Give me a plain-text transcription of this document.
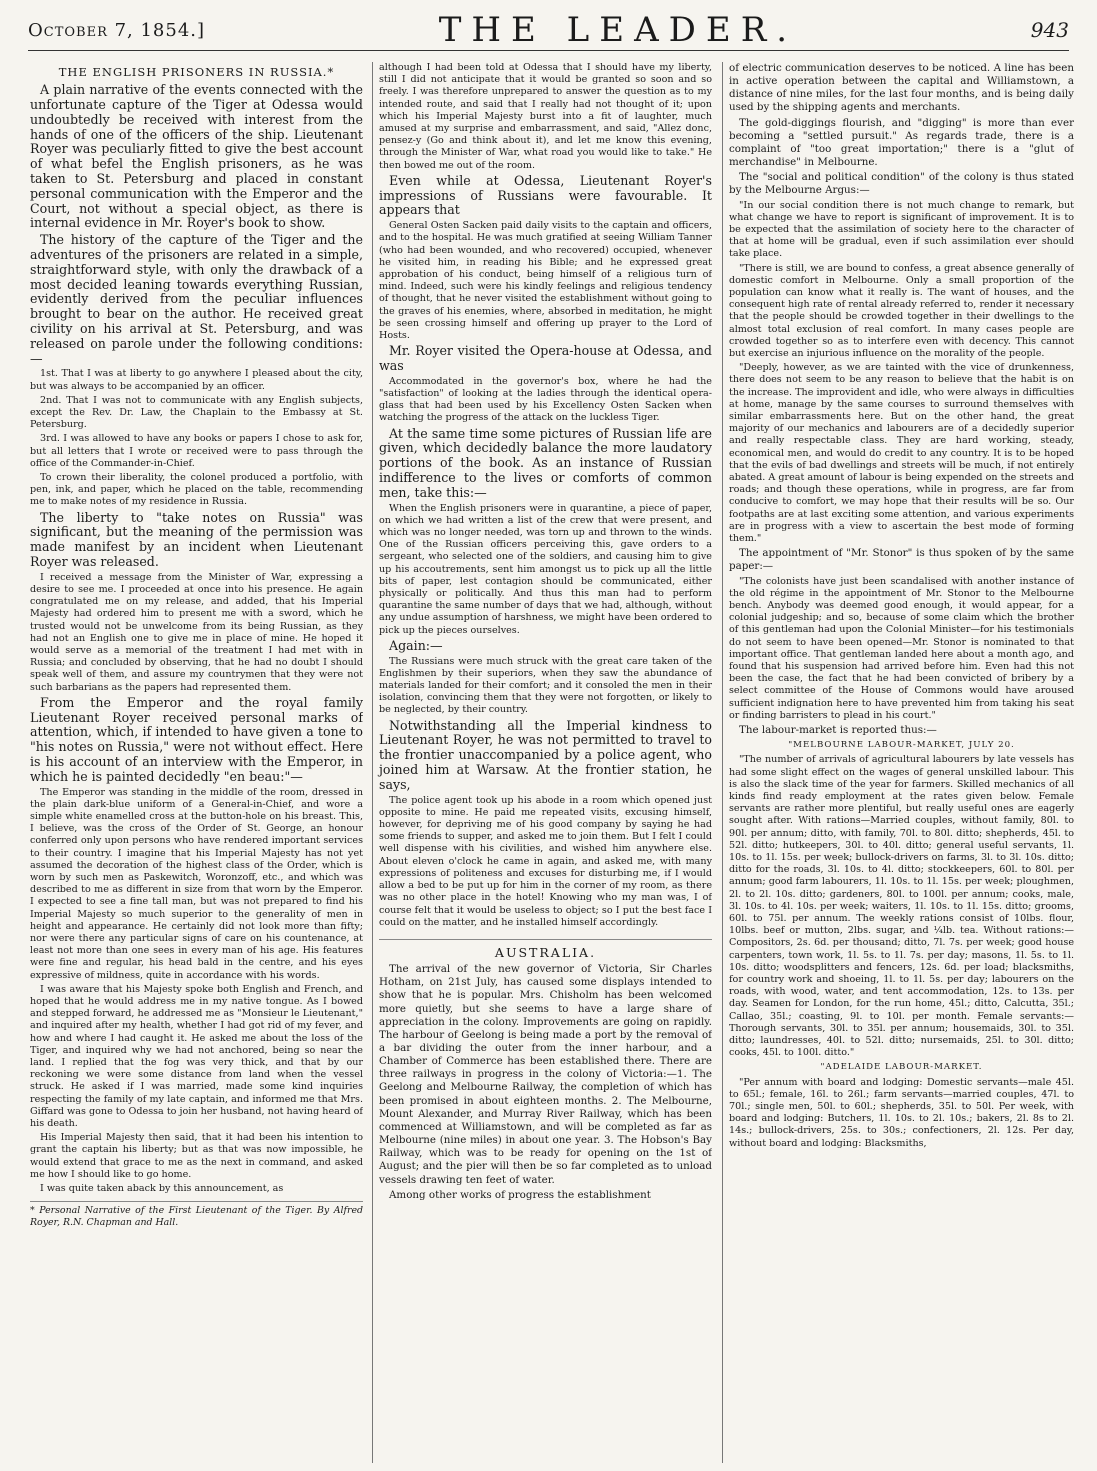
October 7, 1854.]	THE LEADER.	943
THE ENGLISH PRISONERS IN RUSSIA.*

A plain narrative of the events connected with the unfortunate capture of the Tiger at Odessa would undoubtedly be received with interest from the hands of one of the officers of the ship. Lieutenant Royer was peculiarly fitted to give the best account of what befel the English prisoners, as he was taken to St. Petersburg and placed in constant personal communication with the Emperor and the Court, not without a special object, as there is internal evidence in Mr. Royer's book to show.

The history of the capture of the Tiger and the adventures of the prisoners are related in a simple, straightforward style, with only the drawback of a most decided leaning towards everything Russian, evidently derived from the peculiar influences brought to bear on the author. He received great civility on his arrival at St. Petersburg, and was released on parole under the following conditions:—

1st. That I was at liberty to go anywhere I pleased about the city, but was always to be accompanied by an officer.

2nd. That I was not to communicate with any English subjects, except the Rev. Dr. Law, the Chaplain to the Embassy at St. Petersburg.

3rd. I was allowed to have any books or papers I chose to ask for, but all letters that I wrote or received were to pass through the office of the Commander-in-Chief.

To crown their liberality, the colonel produced a portfolio, with pen, ink, and paper, which he placed on the table, recommending me to make notes of my residence in Russia.

The liberty to "take notes on Russia" was significant, but the meaning of the permission was made manifest by an incident when Lieutenant Royer was released.

I received a message from the Minister of War, expressing a desire to see me. I proceeded at once into his presence. He again congratulated me on my release, and added, that his Imperial Majesty had ordered him to present me with a sword, which he trusted would not be unwelcome from its being Russian, as they had not an English one to give me in place of mine. He hoped it would serve as a memorial of the treatment I had met with in Russia; and concluded by observing, that he had no doubt I should speak well of them, and assure my countrymen that they were not such barbarians as the papers had represented them.

From the Emperor and the royal family Lieutenant Royer received personal marks of attention, which, if intended to have given a tone to "his notes on Russia," were not without effect. Here is his account of an interview with the Emperor, in which he is painted decidedly "en beau:"—

The Emperor was standing in the middle of the room, dressed in the plain dark-blue uniform of a General-in-Chief, and wore a simple white enamelled cross at the button-hole on his breast. This, I believe, was the cross of the Order of St. George, an honour conferred only upon persons who have rendered important services to their country. I imagine that his Imperial Majesty has not yet assumed the decoration of the highest class of the Order, which is worn by such men as Paskewitch, Woronzoff, etc., and which was described to me as different in size from that worn by the Emperor. I expected to see a fine tall man, but was not prepared to find his Imperial Majesty so much superior to the generality of men in height and appearance. He certainly did not look more than fifty; nor were there any particular signs of care on his countenance, at least not more than one sees in every man of his age. His features were fine and regular, his head bald in the centre, and his eyes expressive of mildness, quite in accordance with his words.

I was aware that his Majesty spoke both English and French, and hoped that he would address me in my native tongue. As I bowed and stepped forward, he addressed me as "Monsieur le Lieutenant," and inquired after my health, whether I had got rid of my fever, and how and where I had caught it. He asked me about the loss of the Tiger, and inquired why we had not anchored, being so near the land. I replied that the fog was very thick, and that by our reckoning we were some distance from land when the vessel struck. He asked if I was married, made some kind inquiries respecting the family of my late captain, and informed me that Mrs. Giffard was gone to Odessa to join her husband, not having heard of his death.

His Imperial Majesty then said, that it had been his intention to grant the captain his liberty; but as that was now impossible, he would extend that grace to me as the next in command, and asked me how I should like to go home.

I was quite taken aback by this announcement, as

* Personal Narrative of the First Lieutenant of the Tiger. By Alfred Royer, R.N. Chapman and Hall.

although I had been told at Odessa that I should have my liberty, still I did not anticipate that it would be granted so soon and so freely. I was therefore unprepared to answer the question as to my intended route, and said that I really had not thought of it; upon which his Imperial Majesty burst into a fit of laughter, much amused at my surprise and embarrassment, and said, "Allez donc, pensez-y (Go and think about it), and let me know this evening, through the Minister of War, what road you would like to take." He then bowed me out of the room.

Even while at Odessa, Lieutenant Royer's impressions of Russians were favourable. It appears that

General Osten Sacken paid daily visits to the captain and officers, and to the hospital. He was much gratified at seeing William Tanner (who had been wounded, and who recovered) occupied, whenever he visited him, in reading his Bible; and he expressed great approbation of his conduct, being himself of a religious turn of mind. Indeed, such were his kindly feelings and religious tendency of thought, that he never visited the establishment without going to the graves of his enemies, where, absorbed in meditation, he might be seen crossing himself and offering up prayer to the Lord of Hosts.

Mr. Royer visited the Opera-house at Odessa, and was

Accommodated in the governor's box, where he had the "satisfaction" of looking at the ladies through the identical opera-glass that had been used by his Excellency Osten Sacken when watching the progress of the attack on the luckless Tiger.

At the same time some pictures of Russian life are given, which decidedly balance the more laudatory portions of the book. As an instance of Russian indifference to the lives or comforts of common men, take this:—

When the English prisoners were in quarantine, a piece of paper, on which we had written a list of the crew that were present, and which was no longer needed, was torn up and thrown to the winds. One of the Russian officers perceiving this, gave orders to a sergeant, who selected one of the soldiers, and causing him to give up his accoutrements, sent him amongst us to pick up all the little bits of paper, lest contagion should be communicated, either physically or politically. And thus this man had to perform quarantine the same number of days that we had, although, without any undue assumption of harshness, we might have been ordered to pick up the pieces ourselves.

Again:—

The Russians were much struck with the great care taken of the Englishmen by their superiors, when they saw the abundance of materials landed for their comfort; and it consoled the men in their isolation, convincing them that they were not forgotten, or likely to be neglected, by their country.

Notwithstanding all the Imperial kindness to Lieutenant Royer, he was not permitted to travel to the frontier unaccompanied by a police agent, who joined him at Warsaw. At the frontier station, he says,

The police agent took up his abode in a room which opened just opposite to mine. He paid me repeated visits, excusing himself, however, for depriving me of his good company by saying he had some friends to supper, and asked me to join them. But I felt I could well dispense with his civilities, and wished him anywhere else. About eleven o'clock he came in again, and asked me, with many expressions of politeness and excuses for disturbing me, if I would allow a bed to be put up for him in the corner of my room, as there was no other place in the hotel! Knowing who my man was, I of course felt that it would be useless to object; so I put the best face I could on the matter, and he installed himself accordingly.

AUSTRALIA.

The arrival of the new governor of Victoria, Sir Charles Hotham, on 21st July, has caused some displays intended to show that he is popular. Mrs. Chisholm has been welcomed more quietly, but she seems to have a large share of appreciation in the colony. Improvements are going on rapidly. The harbour of Geelong is being made a port by the removal of a bar dividing the outer from the inner harbour, and a Chamber of Commerce has been established there. There are three railways in progress in the colony of Victoria:—1. The Geelong and Melbourne Railway, the completion of which has been promised in about eighteen months. 2. The Melbourne, Mount Alexander, and Murray River Railway, which has been commenced at Williamstown, and will be completed as far as Melbourne (nine miles) in about one year. 3. The Hobson's Bay Railway, which was to be ready for opening on the 1st of August; and the pier will then be so far completed as to unload vessels drawing ten feet of water.

Among other works of progress the establishment

of electric communication deserves to be noticed. A line has been in active operation between the capital and Williamstown, a distance of nine miles, for the last four months, and is being daily used by the shipping agents and merchants.

The gold-diggings flourish, and "digging" is more than ever becoming a "settled pursuit." As regards trade, there is a complaint of "too great importation;" there is a "glut of merchandise" in Melbourne.

The "social and political condition" of the colony is thus stated by the Melbourne Argus:—

"In our social condition there is not much change to remark, but what change we have to report is significant of improvement. It is to be expected that the assimilation of society here to the character of that at home will be gradual, even if such assimilation ever should take place.

"There is still, we are bound to confess, a great absence generally of domestic comfort in Melbourne. Only a small proportion of the population can know what it really is. The want of houses, and the consequent high rate of rental already referred to, render it necessary that the people should be crowded together in their dwellings to the almost total exclusion of real comfort. In many cases people are crowded together so as to interfere even with decency. This cannot but exercise an injurious influence on the morality of the people.

"Deeply, however, as we are tainted with the vice of drunkenness, there does not seem to be any reason to believe that the habit is on the increase. The improvident and idle, who were always in difficulties at home, manage by the same courses to surround themselves with similar embarrassments here. But on the other hand, the great majority of our mechanics and labourers are of a decidedly superior and really respectable class. They are hard working, steady, economical men, and would do credit to any country. It is to be hoped that the evils of bad dwellings and streets will be much, if not entirely abated. A great amount of labour is being expended on the streets and roads; and though these operations, while in progress, are far from conducive to comfort, we may hope that their results will be so. Our footpaths are at last exciting some attention, and various experiments are in progress with a view to ascertain the best mode of forming them."

The appointment of "Mr. Stonor" is thus spoken of by the same paper:—

"The colonists have just been scandalised with another instance of the old régime in the appointment of Mr. Stonor to the Melbourne bench. Anybody was deemed good enough, it would appear, for a colonial judgeship; and so, because of some claim which the brother of this gentleman had upon the Colonial Minister—for his testimonials do not seem to have been opened—Mr. Stonor is nominated to that important office. That gentleman landed here about a month ago, and found that his suspension had arrived before him. Even had this not been the case, the fact that he had been convicted of bribery by a select committee of the House of Commons would have aroused sufficient indignation here to have prevented him from taking his seat or finding barristers to plead in his court."

The labour-market is reported thus:—

"MELBOURNE LABOUR-MARKET, JULY 20.

"The number of arrivals of agricultural labourers by late vessels has had some slight effect on the wages of general unskilled labour. This is also the slack time of the year for farmers. Skilled mechanics of all kinds find ready employment at the rates given below. Female servants are rather more plentiful, but really useful ones are eagerly sought after. With rations—Married couples, without family, 80l. to 90l. per annum; ditto, with family, 70l. to 80l. ditto; shepherds, 45l. to 52l. ditto; hutkeepers, 30l. to 40l. ditto; general useful servants, 1l. 10s. to 1l. 15s. per week; bullock-drivers on farms, 3l. to 3l. 10s. ditto; ditto for the roads, 3l. 10s. to 4l. ditto; stockkeepers, 60l. to 80l. per annum; good farm labourers, 1l. 10s. to 1l. 15s. per week; ploughmen, 2l. to 2l. 10s. ditto; gardeners, 80l. to 100l. per annum; cooks, male, 3l. 10s. to 4l. 10s. per week; waiters, 1l. 10s. to 1l. 15s. ditto; grooms, 60l. to 75l. per annum. The weekly rations consist of 10lbs. flour, 10lbs. beef or mutton, 2lbs. sugar, and ¼lb. tea. Without rations:—Compositors, 2s. 6d. per thousand; ditto, 7l. 7s. per week; good house carpenters, town work, 1l. 5s. to 1l. 7s. per day; masons, 1l. 5s. to 1l. 10s. ditto; woodsplitters and fencers, 12s. 6d. per load; blacksmiths, for country work and shoeing, 1l. to 1l. 5s. per day; labourers on the roads, with wood, water, and tent accommodation, 12s. to 13s. per day. Seamen for London, for the run home, 45l.; ditto, Calcutta, 35l.; Callao, 35l.; coasting, 9l. to 10l. per month. Female servants:—Thorough servants, 30l. to 35l. per annum; housemaids, 30l. to 35l. ditto; laundresses, 40l. to 52l. ditto; nursemaids, 25l. to 30l. ditto; cooks, 45l. to 100l. ditto."

"ADELAIDE LABOUR-MARKET.

"Per annum with board and lodging: Domestic servants—male 45l. to 65l.; female, 16l. to 26l.; farm servants—married couples, 47l. to 70l.; single men, 50l. to 60l.; shepherds, 35l. to 50l. Per week, with board and lodging: Butchers, 1l. 10s. to 2l. 10s.; bakers, 2l. 8s to 2l. 14s.; bullock-drivers, 25s. to 30s.; confectioners, 2l. 12s. Per day, without board and lodging: Blacksmiths,
